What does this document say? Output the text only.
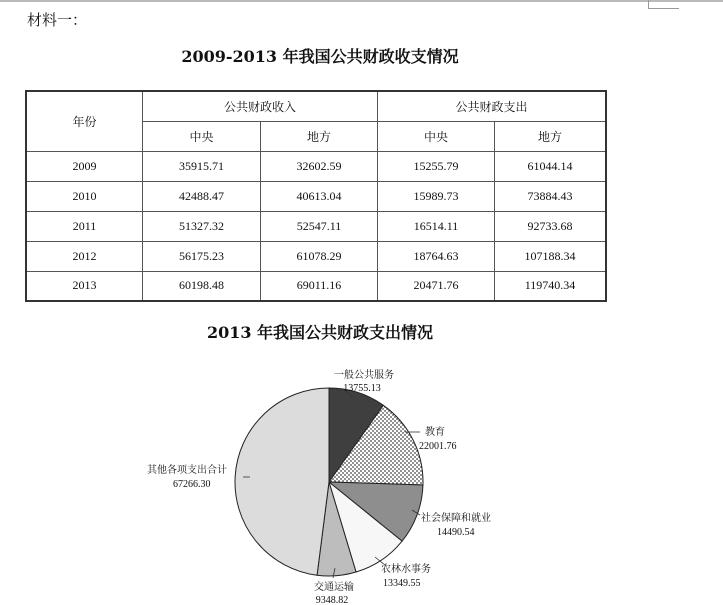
材料一：
2009-2013 年我国公共财政收支情况
年份	公共财政收入		公共财政支出	
	中央	地方	中央	地方
2009	35915.71	32602.59	15255.79	61044.14
2010	42488.47	40613.04	15989.73	73884.43
2011	51327.32	52547.11	16514.11	92733.68
2012	56175.23	61078.29	18764.63	107188.34
2013	60198.48	69011.16	20471.76	119740.34
2013 年我国公共财政支出情况
一般公共服务
13755.13
教育
22001.76
社会保障和就业
14490.54
农林水事务
13349.55
交通运输
9348.82
其他各项支出合计
67266.30
